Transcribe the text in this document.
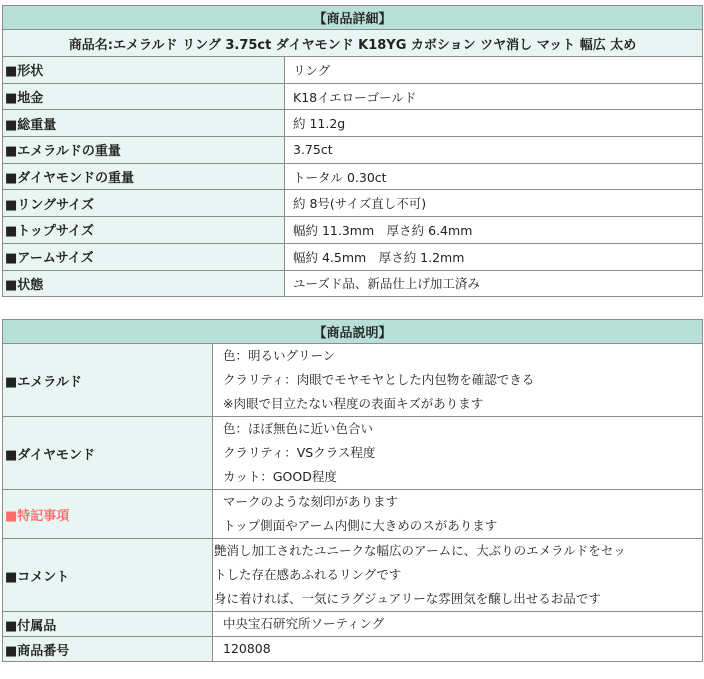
【商品詳細】	
商品名:エメラルド リング 3.75ct ダイヤモンド K18YG カボション ツヤ消し マット 幅広 太め	
■形状	リング
■地金	K18イエローゴールド
■総重量	約 11.2g
■エメラルドの重量	3.75ct
■ダイヤモンドの重量	トータル 0.30ct
■リングサイズ	約 8号(サイズ直し不可)
■トップサイズ	幅約 11.3mm　厚さ約 6.4mm
■アームサイズ	幅約 4.5mm　厚さ約 1.2mm
■状態	ユーズド品、新品仕上げ加工済み
【商品説明】	
■エメラルド	色：明るいグリーン
クラリティ：肉眼でモヤモヤとした内包物を確認できる
※肉眼で目立たない程度の表面キズがあります

■ダイヤモンド	色：ほぼ無色に近い色合い
クラリティ：VSクラス程度
カット：GOOD程度

■特記事項	マークのような刻印があります
トップ側面やアーム内側に大きめのスがあります

■コメント	艶消し加工されたユニークな幅広のアームに、大ぶりのエメラルドをセッ
トした存在感あふれるリングです
身に着ければ、一気にラグジュアリーな雰囲気を醸し出せるお品です

■付属品	中央宝石研究所ソーティング

■商品番号	120808
